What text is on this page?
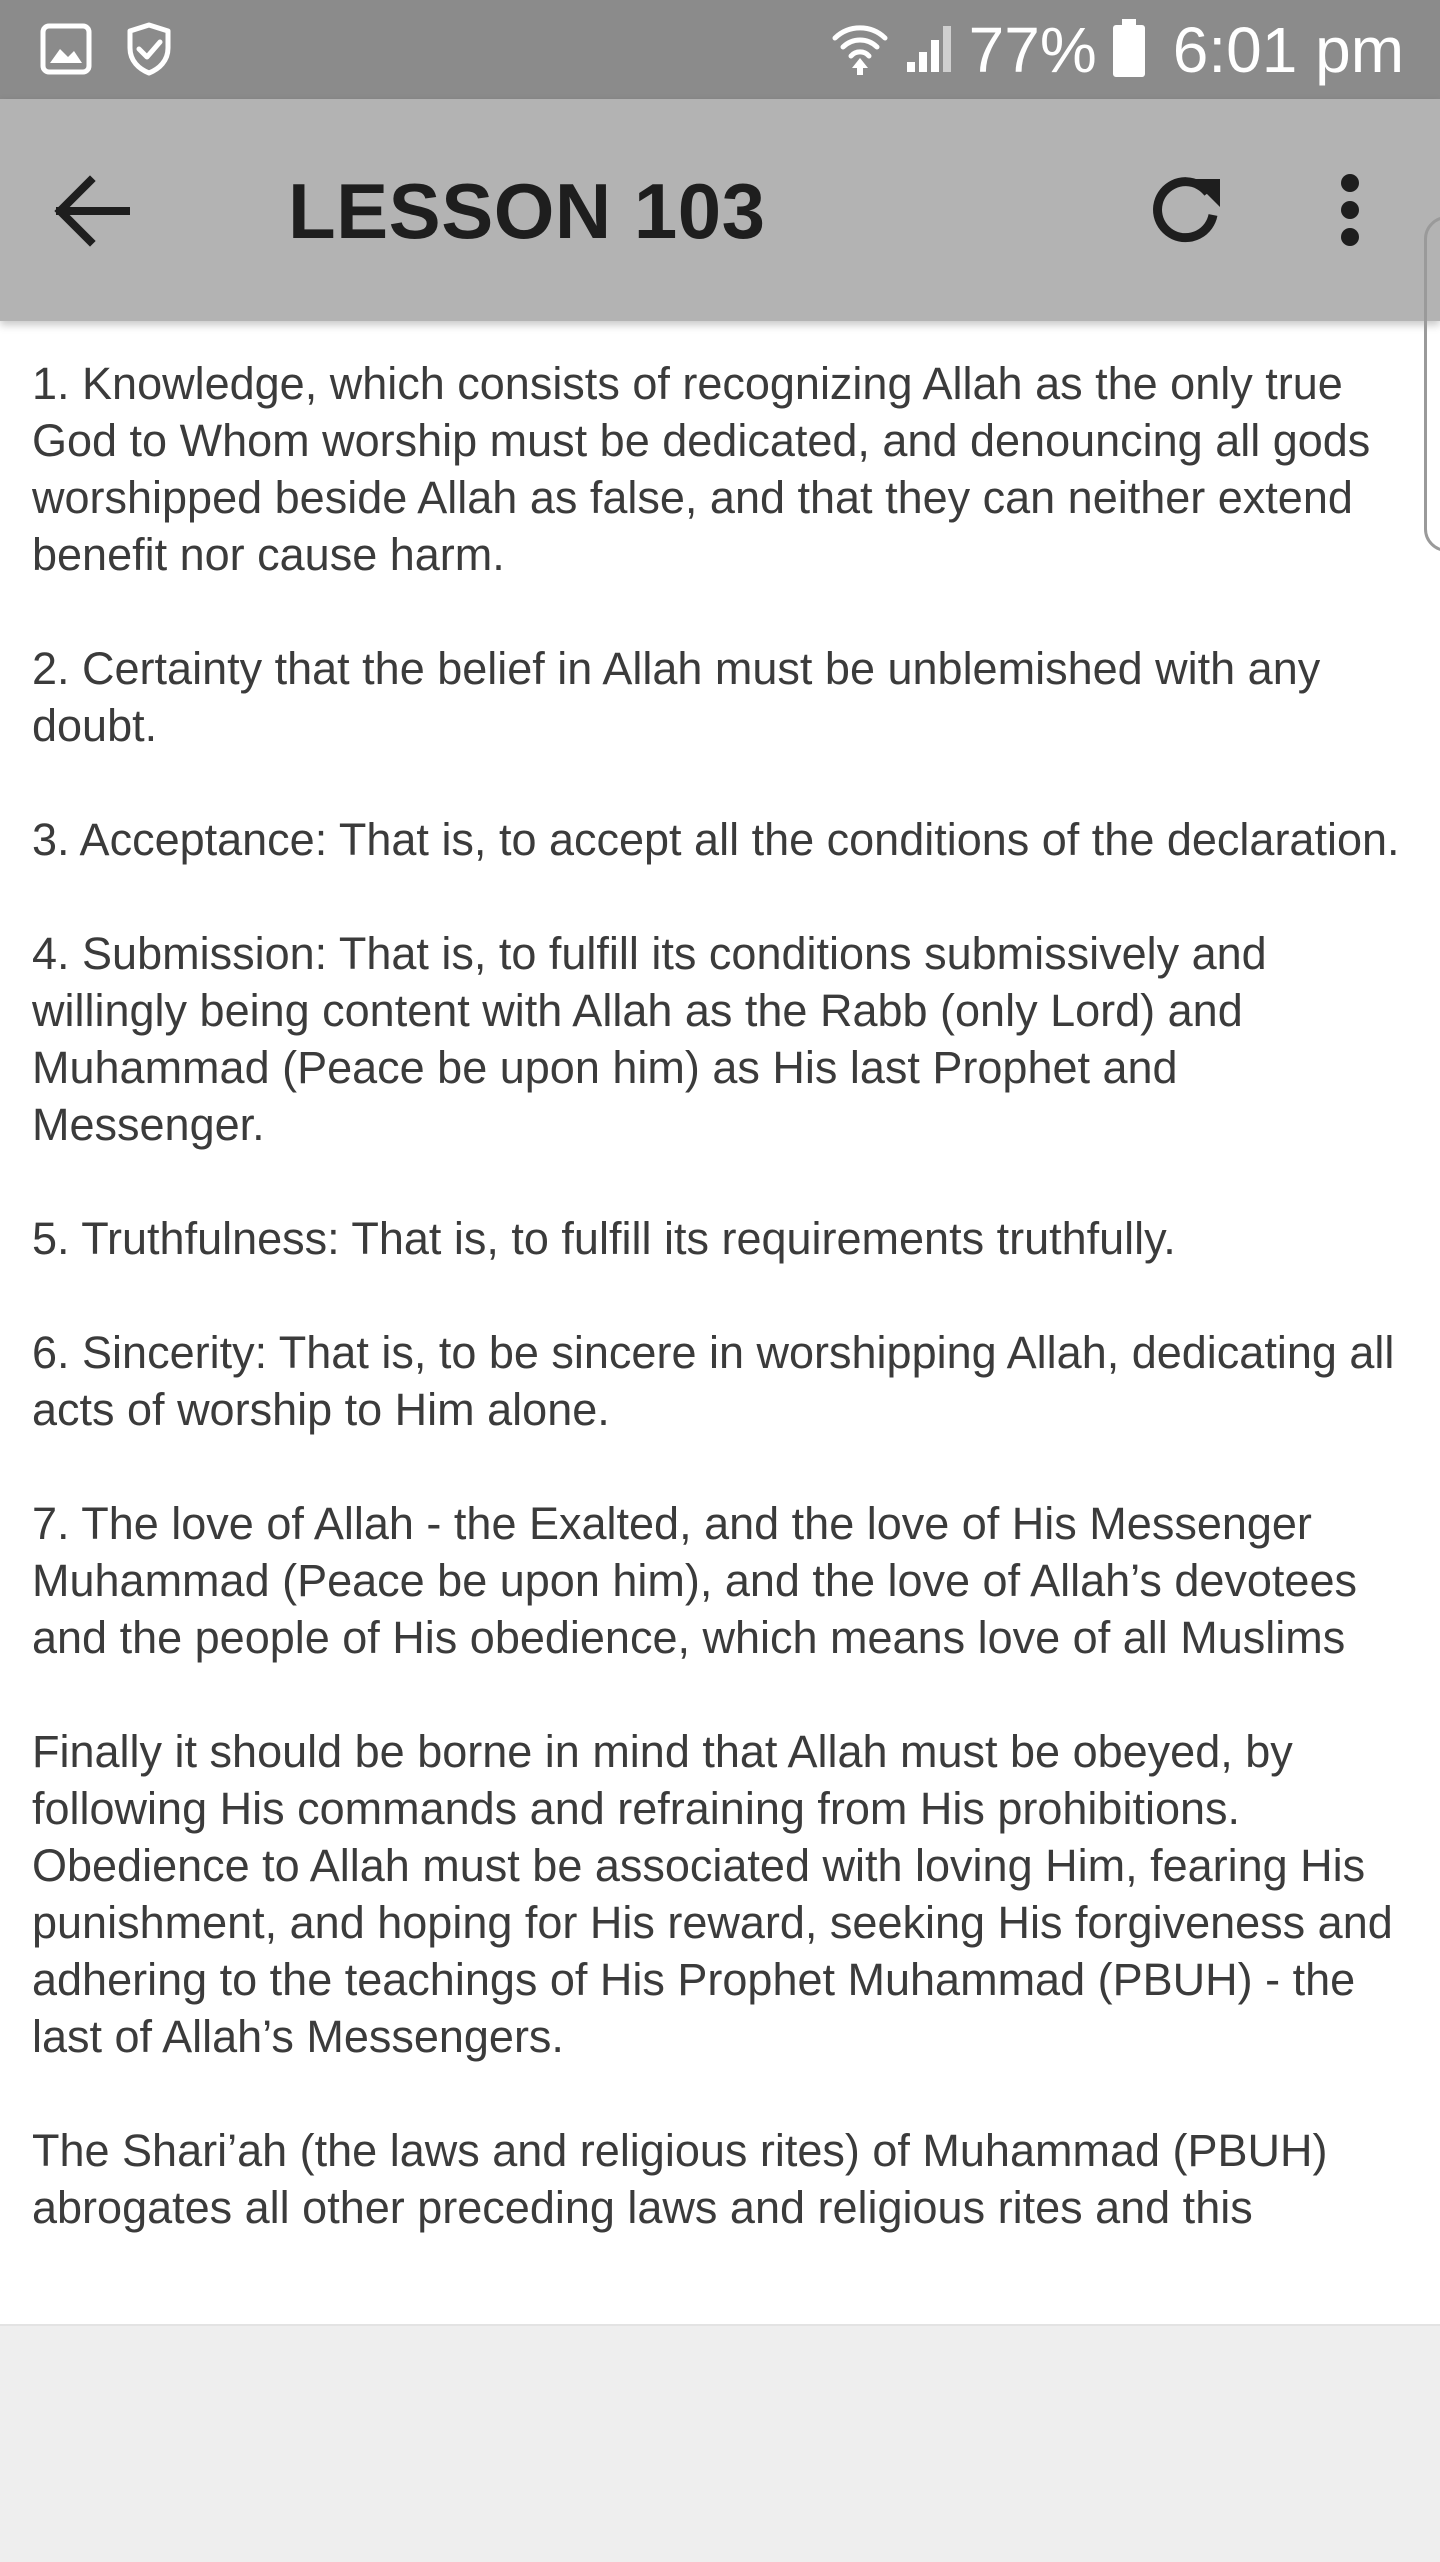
77% 6:01 pm
LESSON 103

1. Knowledge, which consists of recognizing Allah as the only true God to Whom worship must be dedicated, and denouncing all gods worshipped beside Allah as false, and that they can neither extend benefit nor cause harm.

2. Certainty that the belief in Allah must be unblemished with any doubt.

3. Acceptance: That is, to accept all the conditions of the declaration.

4. Submission: That is, to fulfill its conditions submissively and willingly being content with Allah as the Rabb (only Lord) and Muhammad (Peace be upon him) as His last Prophet and Messenger.

5. Truthfulness: That is, to fulfill its requirements truthfully.

6. Sincerity: That is, to be sincere in worshipping Allah, dedicating all acts of worship to Him alone.

7. The love of Allah - the Exalted, and the love of His Messenger Muhammad (Peace be upon him), and the love of Allah’s devotees and the people of His obedience, which means love of all Muslims

Finally it should be borne in mind that Allah must be obeyed, by following His commands and refraining from His prohibitions. Obedience to Allah must be associated with loving Him, fearing His punishment, and hoping for His reward, seeking His forgiveness and adhering to the teachings of His Prophet Muhammad (PBUH) - the last of Allah’s Messengers.

The Shari’ah (the laws and religious rites) of Muhammad (PBUH) abrogates all other preceding laws and religious rites and this
